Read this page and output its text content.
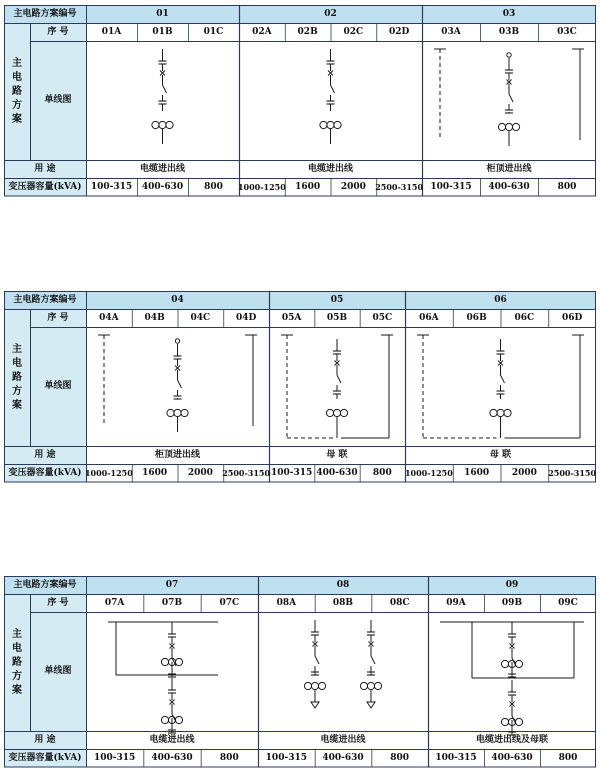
主电路方案编号
序 号
单线图
用 途
变压器容量(kVA)
主
电
路
方
案
01
电缆进出线
01A
100-315
01B
400-630
01C
800
02
电缆进出线
02A
1000-1250
02B
1600
02C
2000
02D
2500-3150
03
柜顶进出线
03A
100-315
03B
400-630
03C
800
主电路方案编号
序 号
单线图
用 途
变压器容量(kVA)
主
电
路
方
案
04
柜顶进出线
04A
1000-1250
04B
1600
04C
2000
04D
2500-3150
05
母 联
05A
100-315
05B
400-630
05C
800
06
母 联
06A
1000-1250
06B
1600
06C
2000
06D
2500-3150
主电路方案编号
序 号
单线图
用 途
变压器容量(kVA)
主
电
路
方
案
07
电缆进出线
07A
100-315
07B
400-630
07C
800
08
电缆进出线
08A
100-315
08B
400-630
08C
800
09
电缆进出线及母联
09A
100-315
09B
400-630
09C
800
